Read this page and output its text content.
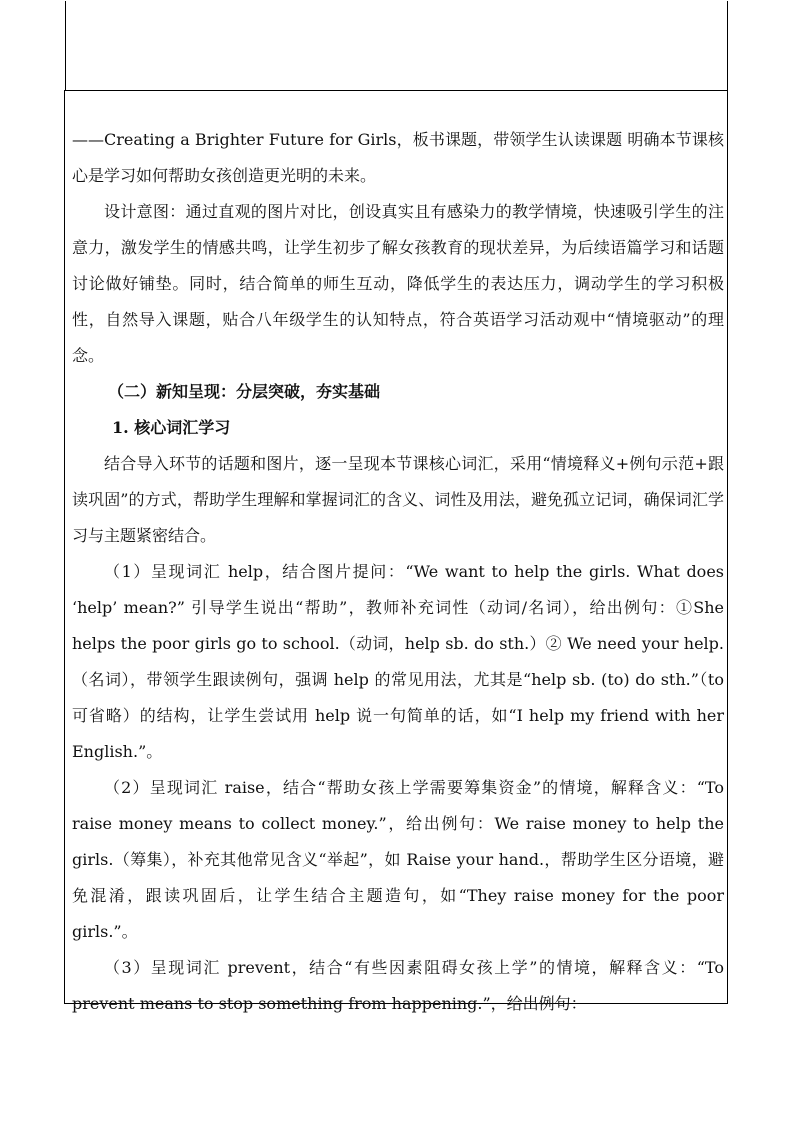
——Creating a Brighter Future for Girls，板书课题，带领学生认读课题 明确本节课核心是学习如何帮助女孩创造更光明的未来。

设计意图：通过直观的图片对比，创设真实且有感染力的教学情境，快速吸引学生的注意力，激发学生的情感共鸣，让学生初步了解女孩教育的现状差异，为后续语篇学习和话题讨论做好铺垫。同时，结合简单的师生互动，降低学生的表达压力，调动学生的学习积极性，自然导入课题，贴合八年级学生的认知特点，符合英语学习活动观中“情境驱动”的理念。

（二）新知呈现：分层突破，夯实基础

1. 核心词汇学习

结合导入环节的话题和图片，逐一呈现本节课核心词汇，采用“情境释义+例句示范+跟读巩固”的方式，帮助学生理解和掌握词汇的含义、词性及用法，避免孤立记词，确保词汇学习与主题紧密结合。

（1）呈现词汇 help，结合图片提问：“We want to help the girls. What does ‘help’ mean?” 引导学生说出“帮助”，教师补充词性（动词/名词），给出例句：①She helps the poor girls go to school.（动词，help sb. do sth.）② We need your help.（名词），带领学生跟读例句，强调 help 的常见用法，尤其是“help sb. (to) do sth.”（to 可省略）的结构，让学生尝试用 help 说一句简单的话，如“I help my friend with her English.”。

（2）呈现词汇 raise，结合“帮助女孩上学需要筹集资金”的情境，解释含义：“To raise money means to collect money.”，给出例句：We raise money to help the girls.（筹集），补充其他常见含义“举起”，如 Raise your hand.，帮助学生区分语境，避免混淆，跟读巩固后，让学生结合主题造句，如“They raise money for the poor girls.”。

（3）呈现词汇 prevent，结合“有些因素阻碍女孩上学”的情境，解释含义：“To prevent means to stop something from happening.”，给出例句：
